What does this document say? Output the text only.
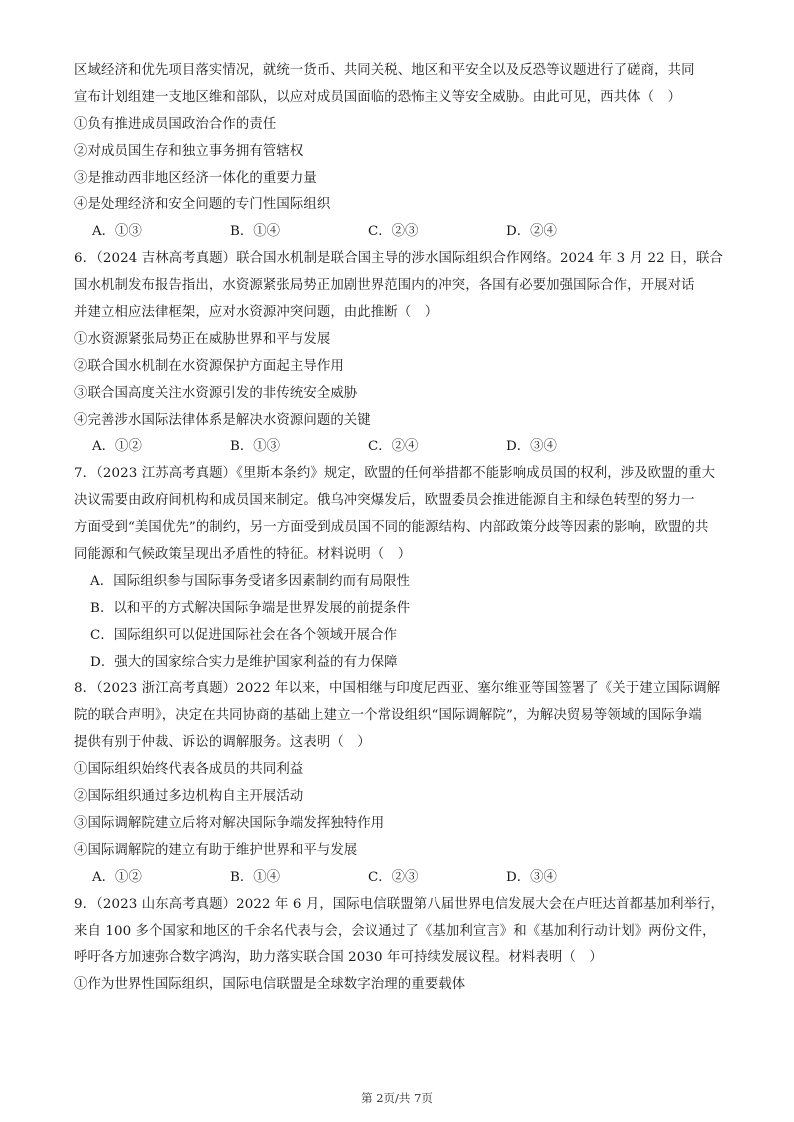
区域经济和优先项目落实情况，就统一货币、共同关税、地区和平安全以及反恐等议题进行了磋商，共同
宣布计划组建一支地区维和部队，以应对成员国面临的恐怖主义等安全威胁。由此可见，西共体（　）
①负有推进成员国政治合作的责任
②对成员国生存和独立事务拥有管辖权
③是推动西非地区经济一体化的重要力量
④是处理经济和安全问题的专门性国际组织
A．①③	B．①④	C．②③	D．②④
6．（2024 吉林高考真题）联合国水机制是联合国主导的涉水国际组织合作网络。2024 年 3 月 22 日，联合
国水机制发布报告指出，水资源紧张局势正加剧世界范围内的冲突，各国有必要加强国际合作，开展对话
并建立相应法律框架，应对水资源冲突问题，由此推断（　）
①水资源紧张局势正在威胁世界和平与发展
②联合国水机制在水资源保护方面起主导作用
③联合国高度关注水资源引发的非传统安全威胁
④完善涉水国际法律体系是解决水资源问题的关键
A．①②	B．①③	C．②④	D．③④
7．（2023 江苏高考真题）《里斯本条约》规定，欧盟的任何举措都不能影响成员国的权利，涉及欧盟的重大
决议需要由政府间机构和成员国来制定。俄乌冲突爆发后，欧盟委员会推进能源自主和绿色转型的努力一
方面受到“美国优先”的制约，另一方面受到成员国不同的能源结构、内部政策分歧等因素的影响，欧盟的共
同能源和气候政策呈现出矛盾性的特征。材料说明（　）
A．国际组织参与国际事务受诸多因素制约而有局限性
B．以和平的方式解决国际争端是世界发展的前提条件
C．国际组织可以促进国际社会在各个领域开展合作
D．强大的国家综合实力是维护国家利益的有力保障
8．（2023 浙江高考真题）2022 年以来，中国相继与印度尼西亚、塞尔维亚等国签署了《关于建立国际调解
院的联合声明》，决定在共同协商的基础上建立一个常设组织“国际调解院”，为解决贸易等领域的国际争端
提供有别于仲裁、诉讼的调解服务。这表明（　）
①国际组织始终代表各成员的共同利益
②国际组织通过多边机构自主开展活动
③国际调解院建立后将对解决国际争端发挥独特作用
④国际调解院的建立有助于维护世界和平与发展
A．①②	B．①④	C．②③	D．③④
9．（2023 山东高考真题）2022 年 6 月，国际电信联盟第八届世界电信发展大会在卢旺达首都基加利举行，
来自 100 多个国家和地区的千余名代表与会，会议通过了《基加利宣言》和《基加利行动计划》两份文件，
呼吁各方加速弥合数字鸿沟，助力落实联合国 2030 年可持续发展议程。材料表明（　）
①作为世界性国际组织，国际电信联盟是全球数字治理的重要载体
第 2页/共 7页
